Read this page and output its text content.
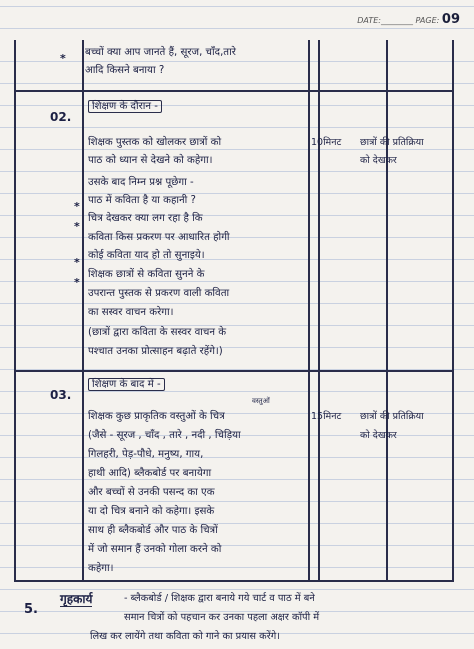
DATE:________ PAGE: 09
* बच्चों क्या आप जानते हैं, सूरज, चाँद,तारे
आदि किसने बनाया ?
02.
शिक्षण के दौरान -
शिक्षक पुस्तक को खोलकर छात्रों को
पाठ को ध्यान से देखने को कहेगा।
उसके बाद निम्न प्रश्न पूछेगा -
* पाठ में कविता है या कहानी ?
*
चित्र देखकर क्या लग रहा है कि
कविता किस प्रकरण पर आधारित होगी
*
कोई कविता याद हो तो सुनाइये।
*
शिक्षक छात्रों से कविता सुनने के
उपरान्त पुस्तक से प्रकरण वाली कविता
का सस्वर वाचन करेगा।
(छात्रों द्वारा कविता के सस्वर वाचन के
पश्चात उनका प्रोत्साहन बढ़ाते रहेंगे।)
10मिनट छात्रों की प्रतिक्रिया
को देखकर
03.
शिक्षण के बाद में -
वस्तुओं
शिक्षक कुछ प्राकृतिक वस्तुओं के चित्र
(जैसे - सूरज , चाँद , तारे , नदी , चिड़िया
गिलहरी, पेड़-पौधे, मनुष्य, गाय,
हाथी आदि) ब्लैकबोर्ड पर बनायेगा
और बच्चों से उनकी पसन्द का एक
या दो चित्र बनाने को कहेगा। इसके
साथ ही ब्लैकबोर्ड और पाठ के चित्रों
में जो समान हैं उनको गोला करने को
कहेगा।
15मिनट छात्रों की प्रतिक्रिया
को देखकर
5.
गृहकार्य	- ब्लैकबोर्ड / शिक्षक द्वारा बनाये गये चार्ट व पाठ में बने
समान चित्रों को पहचान कर उनका पहला अक्षर कॉपी में
लिख कर लायेंगे तथा कविता को गाने का प्रयास करेंगे।
